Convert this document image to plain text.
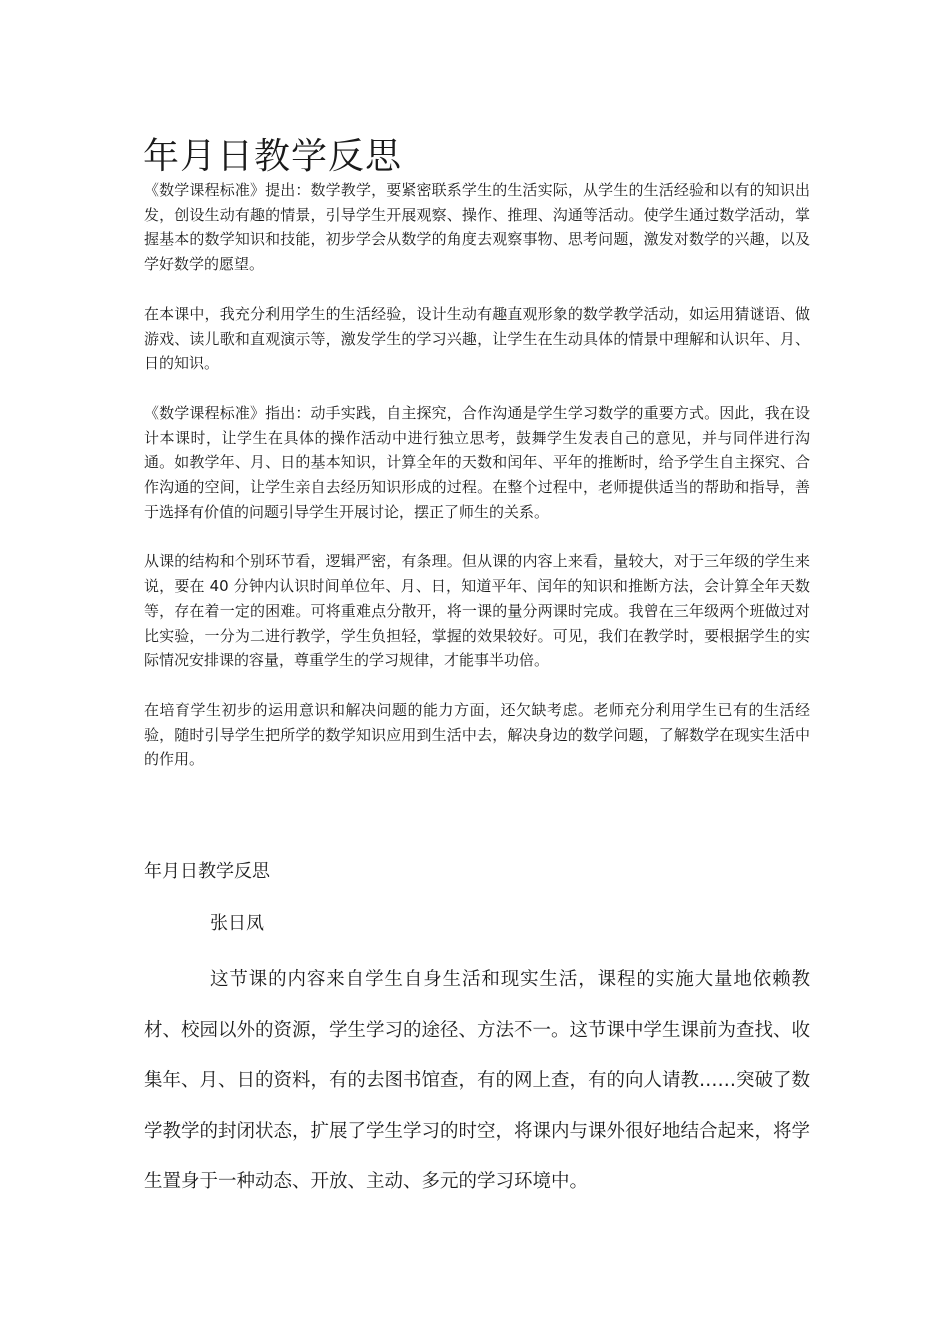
年月日教学反思

《数学课程标准》提出：数学教学，要紧密联系学生的生活实际，从学生的生活经验和以有的知识出发，创设生动有趣的情景，引导学生开展观察、操作、推理、沟通等活动。使学生通过数学活动，掌握基本的数学知识和技能，初步学会从数学的角度去观察事物、思考问题，激发对数学的兴趣，以及学好数学的愿望。

在本课中，我充分利用学生的生活经验，设计生动有趣直观形象的数学教学活动，如运用猜谜语、做游戏、读儿歌和直观演示等，激发学生的学习兴趣，让学生在生动具体的情景中理解和认识年、月、日的知识。

《数学课程标准》指出：动手实践，自主探究，合作沟通是学生学习数学的重要方式。因此，我在设计本课时，让学生在具体的操作活动中进行独立思考，鼓舞学生发表自己的意见，并与同伴进行沟通。如教学年、月、日的基本知识，计算全年的天数和闰年、平年的推断时，给予学生自主探究、合作沟通的空间，让学生亲自去经历知识形成的过程。在整个过程中，老师提供适当的帮助和指导，善于选择有价值的问题引导学生开展讨论，摆正了师生的关系。

从课的结构和个别环节看，逻辑严密，有条理。但从课的内容上来看，量较大，对于三年级的学生来说，要在 40 分钟内认识时间单位年、月、日，知道平年、闰年的知识和推断方法，会计算全年天数等，存在着一定的困难。可将重难点分散开，将一课的量分两课时完成。我曾在三年级两个班做过对比实验，一分为二进行教学，学生负担轻，掌握的效果较好。可见，我们在教学时，要根据学生的实际情况安排课的容量，尊重学生的学习规律，才能事半功倍。

在培育学生初步的运用意识和解决问题的能力方面，还欠缺考虑。老师充分利用学生已有的生活经验，随时引导学生把所学的数学知识应用到生活中去，解决身边的数学问题，了解数学在现实生活中的作用。

年月日教学反思

张日凤

这节课的内容来自学生自身生活和现实生活，课程的实施大量地依赖教材、校园以外的资源，学生学习的途径、方法不一。这节课中学生课前为查找、收集年、月、日的资料，有的去图书馆查，有的网上查，有的向人请教……突破了数学教学的封闭状态，扩展了学生学习的时空，将课内与课外很好地结合起来，将学生置身于一种动态、开放、主动、多元的学习环境中。
